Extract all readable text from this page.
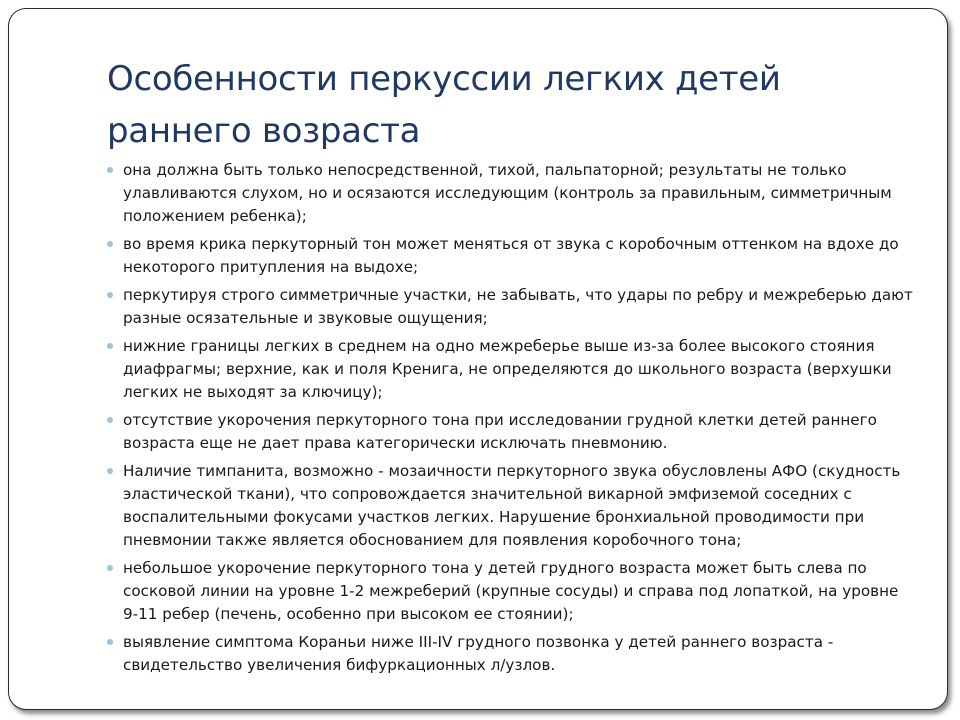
Особенности перкуссии легких детей
раннего возраста
она должна быть только непосредственной, тихой, пальпаторной; результаты не только улавливаются слухом, но и осязаются исследующим (контроль за правильным, симметричным положением ребенка);
во время крика перкуторный тон может меняться от звука с коробочным оттенком на вдохе до некоторого притупления на выдохе;
перкутируя строго симметричные участки, не забывать, что удары по ребру и межреберью дают разные осязательные и звуковые ощущения;
нижние границы легких в среднем на одно межреберье выше из-за более высокого стояния диафрагмы; верхние, как и поля Кренига, не определяются до школьного возраста (верхушки легких не выходят за ключицу);
отсутствие укорочения перкуторного тона при исследовании грудной клетки детей раннего возраста еще не дает права категорически исключать пневмонию.
Наличие тимпанита, возможно - мозаичности перкуторного звука обусловлены АФО (скудность эластической ткани), что сопровождается значительной викарной эмфиземой соседних с воспалительными фокусами участков легких. Нарушение бронхиальной проводимости при пневмонии также является обоснованием для появления коробочного тона;
небольшое укорочение перкуторного тона у детей грудного возраста может быть слева по сосковой линии на уровне 1-2 межреберий (крупные сосуды) и справа под лопаткой, на уровне 9-11 ребер (печень, особенно при высоком ее стоянии);
выявление симптома Кораньи ниже III-IV грудного позвонка у детей раннего возраста - свидетельство увеличения бифуркационных л/узлов.
